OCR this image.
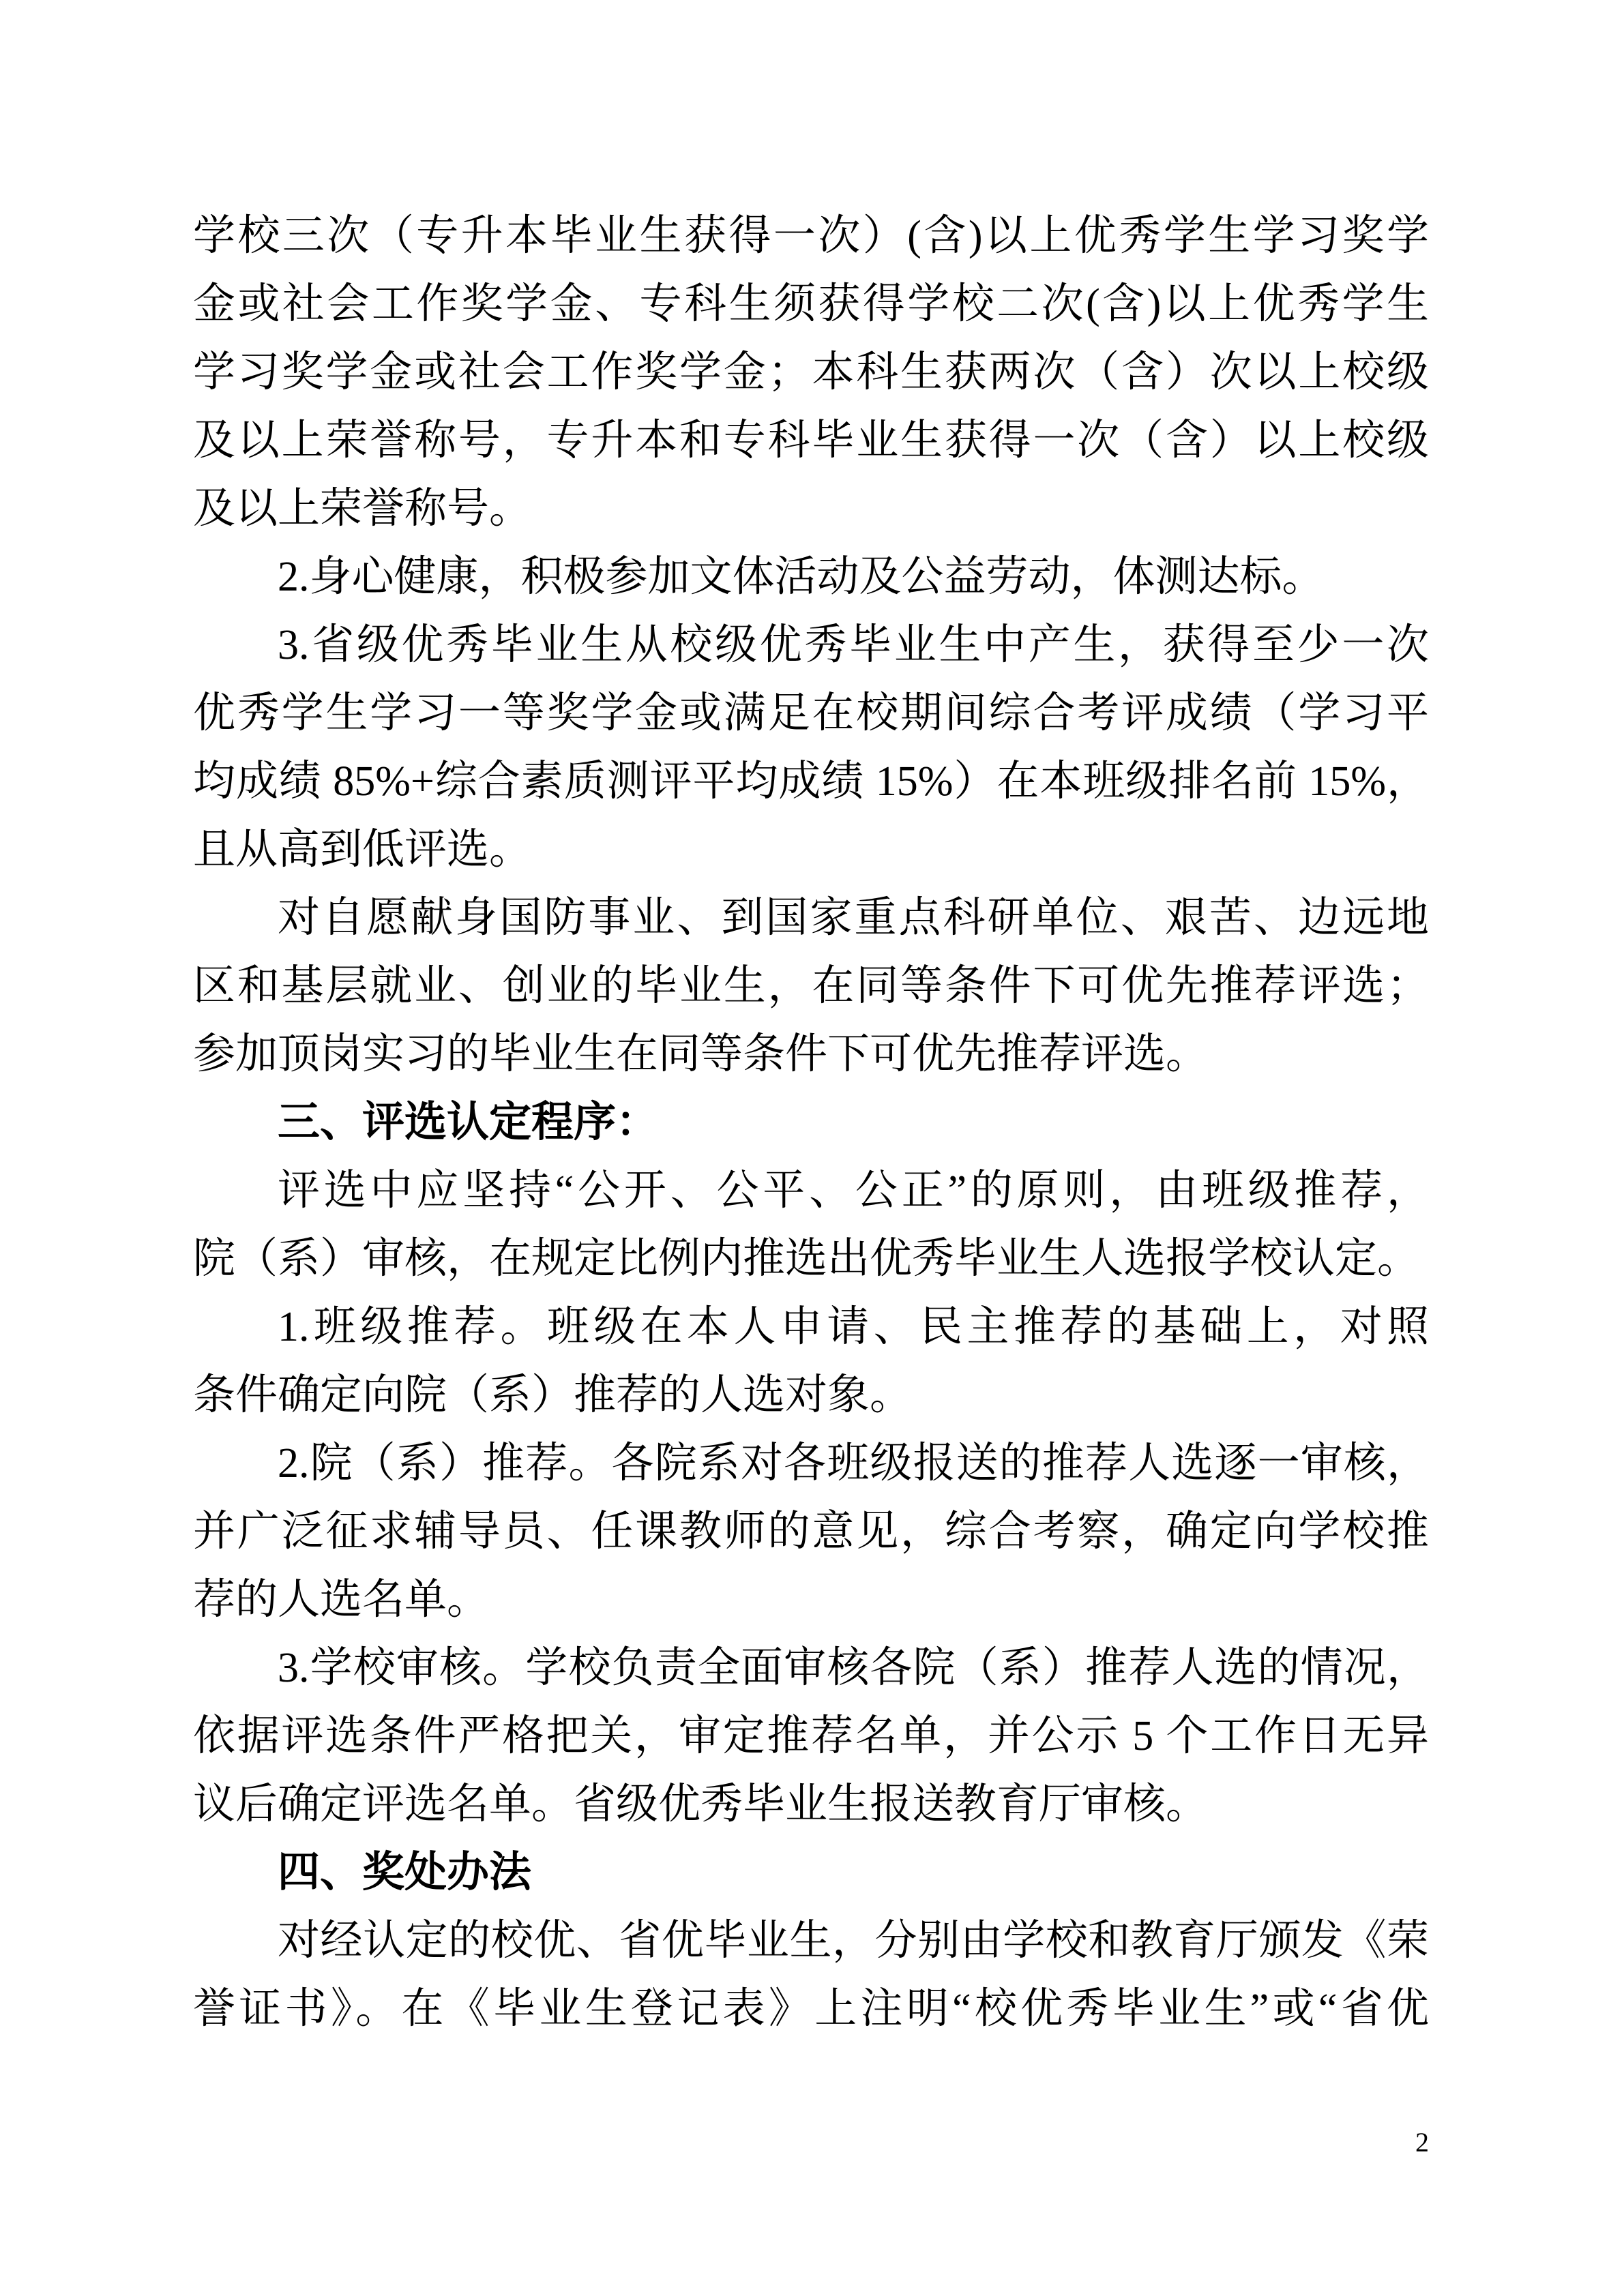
学校三次（专升本毕业生获得一次）(含)以上优秀学生学习奖学
金或社会工作奖学金、专科生须获得学校二次(含)以上优秀学生
学习奖学金或社会工作奖学金；本科生获两次（含）次以上校级
及以上荣誉称号，专升本和专科毕业生获得一次（含）以上校级
及以上荣誉称号。
2.身心健康，积极参加文体活动及公益劳动，体测达标。
3.省级优秀毕业生从校级优秀毕业生中产生，获得至少一次
优秀学生学习一等奖学金或满足在校期间综合考评成绩（学习平
均成绩 85%+综合素质测评平均成绩 15%）在本班级排名前 15%，
且从高到低评选。
对自愿献身国防事业、到国家重点科研单位、艰苦、边远地
区和基层就业、创业的毕业生，在同等条件下可优先推荐评选；
参加顶岗实习的毕业生在同等条件下可优先推荐评选。
三、评选认定程序：
评选中应坚持“公开、公平、公正”的原则，由班级推荐，
院（系）审核，在规定比例内推选出优秀毕业生人选报学校认定。
1.班级推荐。班级在本人申请、民主推荐的基础上，对照
条件确定向院（系）推荐的人选对象。
2.院（系）推荐。各院系对各班级报送的推荐人选逐一审核，
并广泛征求辅导员、任课教师的意见，综合考察，确定向学校推
荐的人选名单。
3.学校审核。学校负责全面审核各院（系）推荐人选的情况，
依据评选条件严格把关，审定推荐名单，并公示 5 个工作日无异
议后确定评选名单。省级优秀毕业生报送教育厅审核。
四、奖处办法
对经认定的校优、省优毕业生，分别由学校和教育厅颁发《荣
誉证书》。在《毕业生登记表》上注明“校优秀毕业生”或“省优
2
